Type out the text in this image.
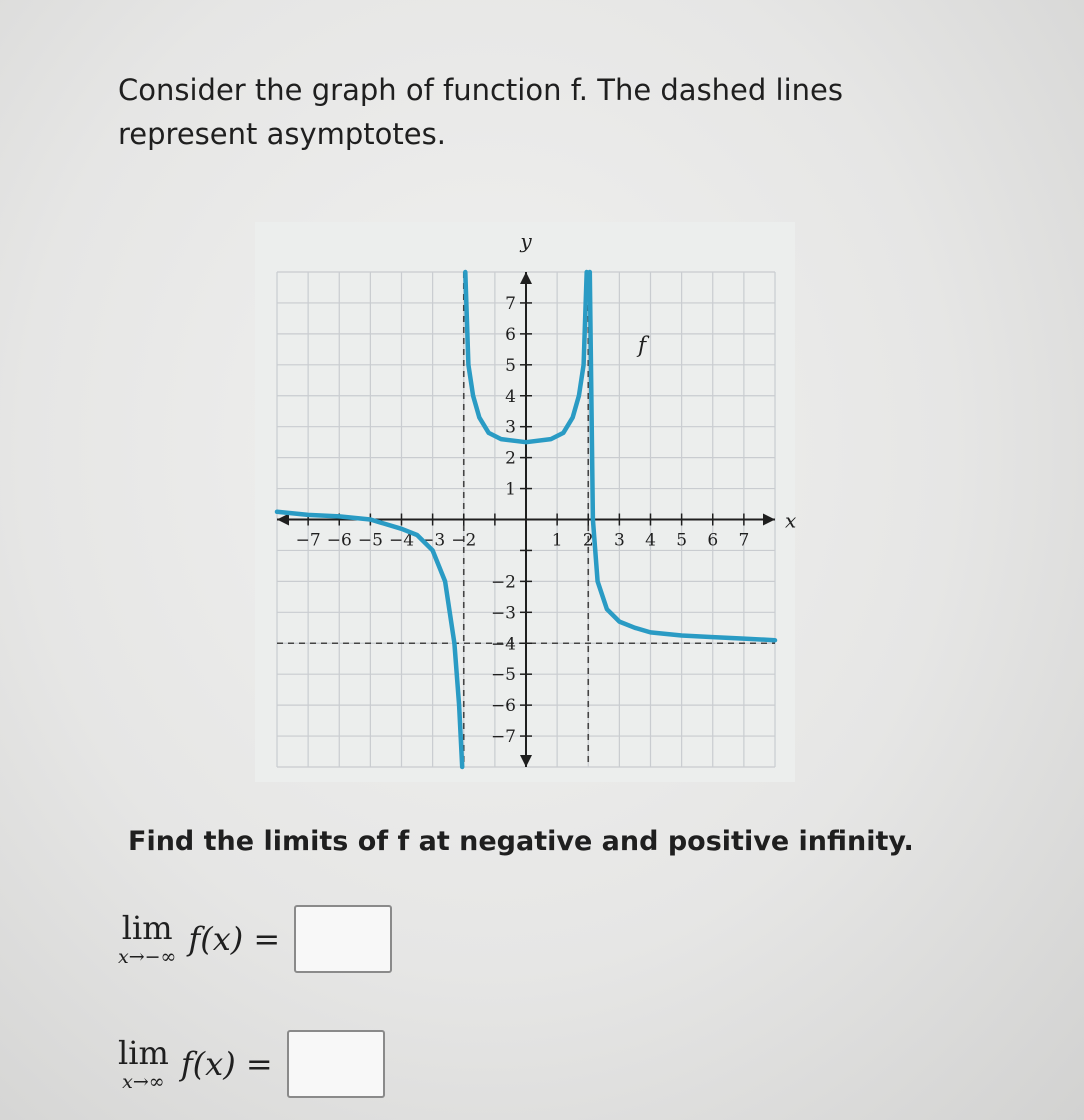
Consider the graph of function f. The dashed lines represent asymptotes.

−7 −6 −5 −4 −3 −2	1 2 3 4 5 6 7
7
6
5
4
3
2
1
−2
−3
−4
−5
−6
−7
x
y
f

Find the limits of f at negative and positive infinity.

lim
x→−∞ f(x) =
lim
x→∞ f(x) =
